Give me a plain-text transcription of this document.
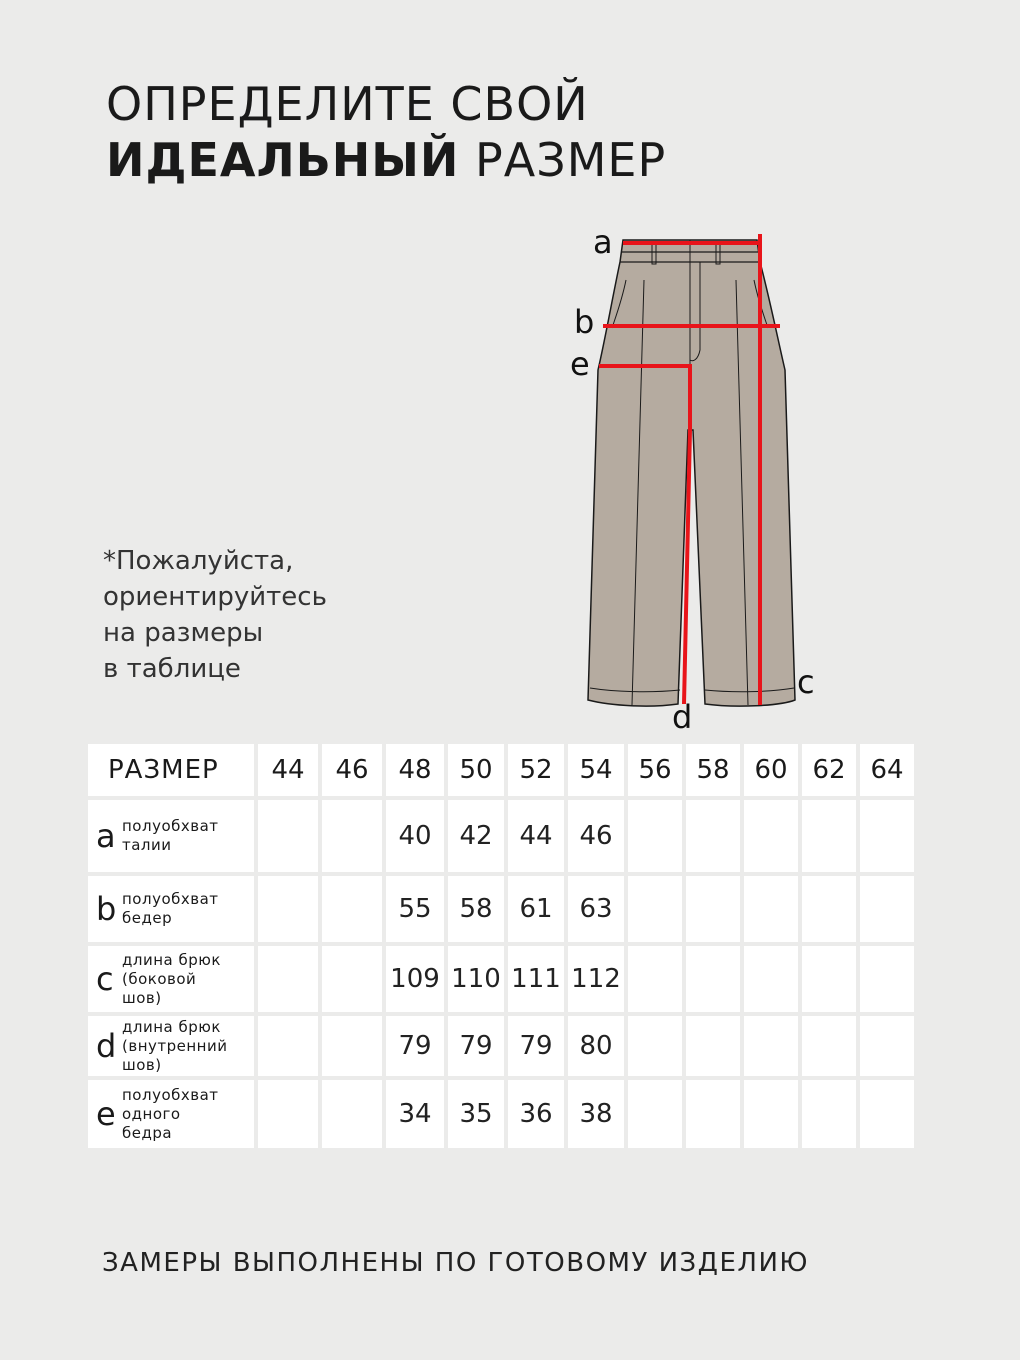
ОПРЕДЕЛИТЕ СВОЙ
ИДЕАЛЬНЫЙ РАЗМЕР
*Пожалуйста,
ориентируйтесь
на размеры
в таблице
a
b
e
c
d
РАЗМЕР	44	46	48	50	52	54	56	58	60	62	64

a полуобхват
талии			40	42	44	46					

b полуобхват
бедер			55	58	61	63					

c
длина брюк
(боковой
шов)			109	110	111	112					

d
длина брюк
(внутренний
шов)			79	79	79	80					

e
полуобхват
одного
бедра			34	35	36	38					
ЗАМЕРЫ ВЫПОЛНЕНЫ ПО ГОТОВОМУ ИЗДЕЛИЮ
